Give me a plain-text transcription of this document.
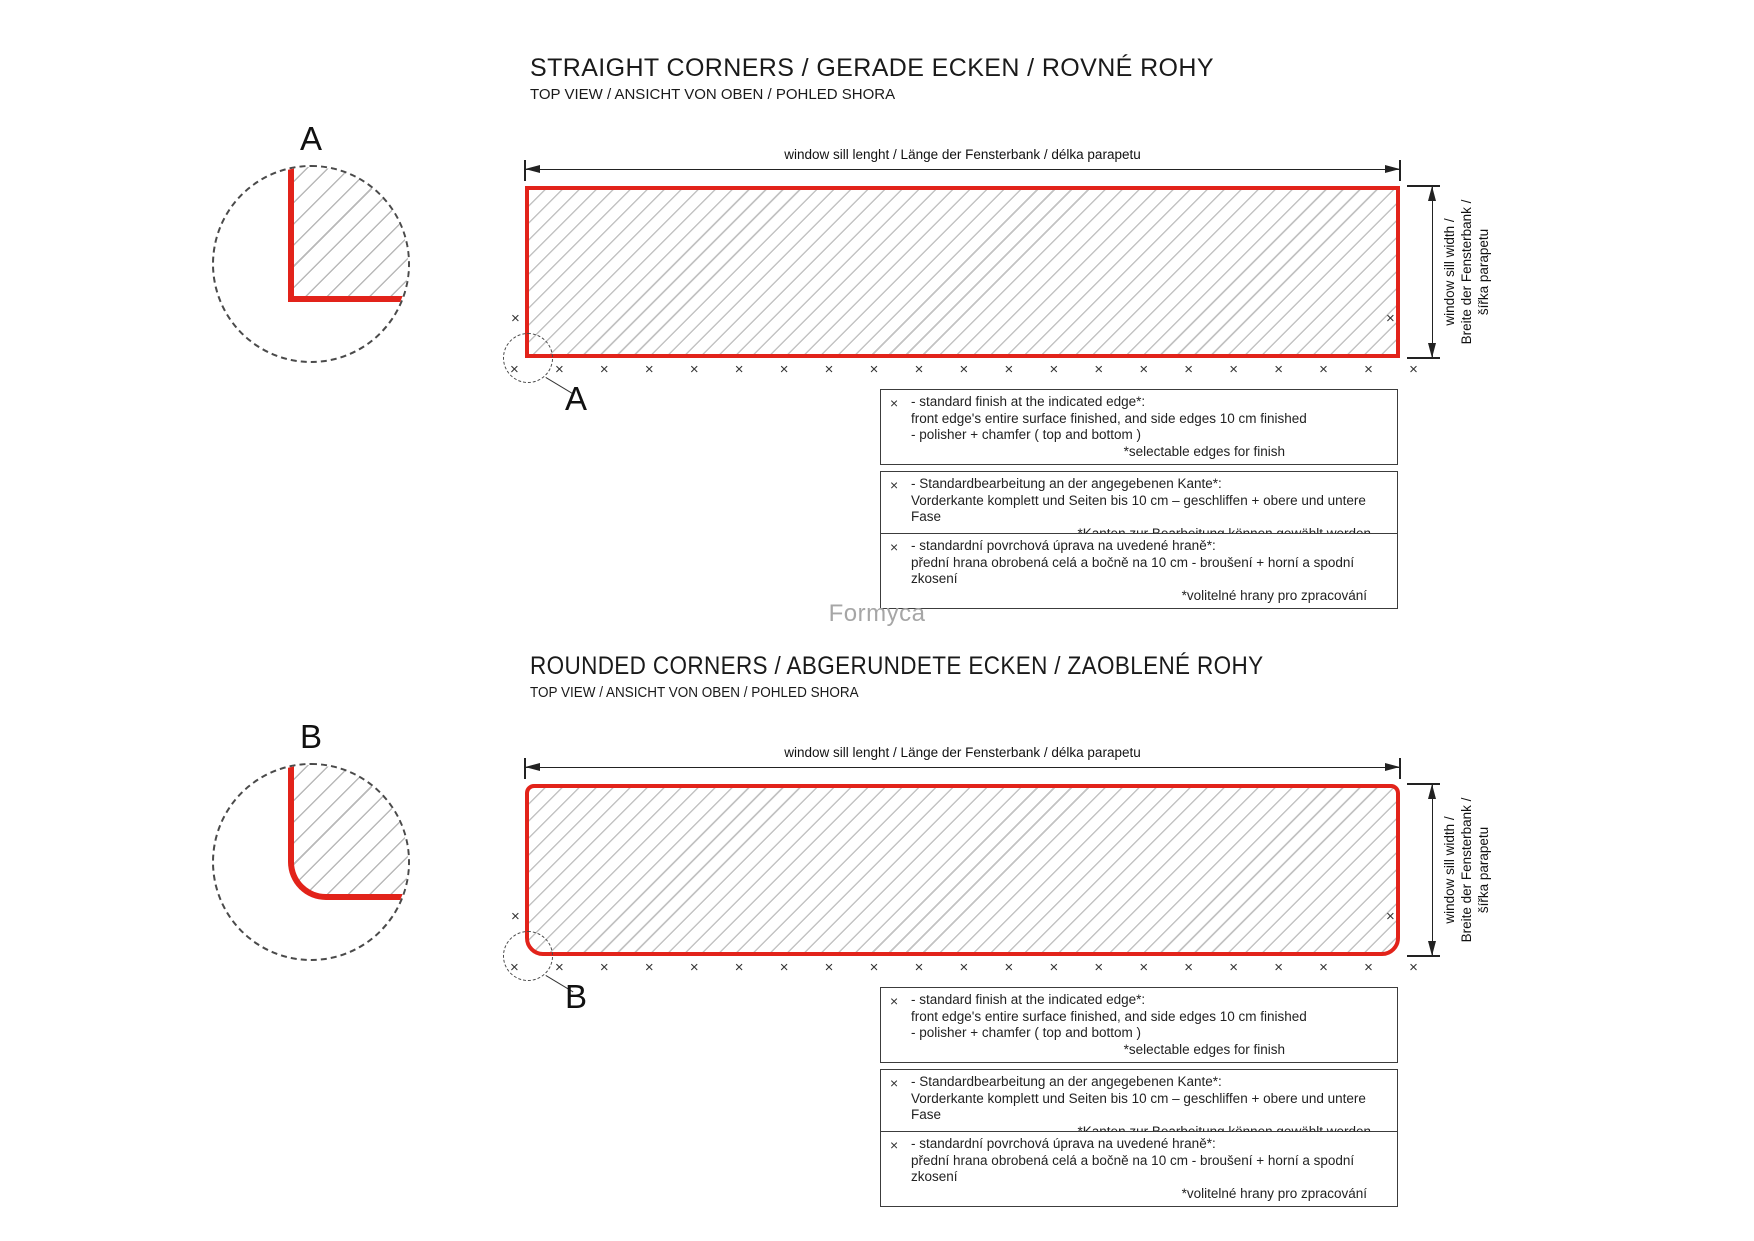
STRAIGHT CORNERS / GERADE ECKEN / ROVNÉ ROHY
TOP VIEW / ANSICHT VON OBEN / POHLED SHORA
A	window sill lenght / Länge der Fensterbank / délka parapetu
window sill width / Breite der Fensterbank / šířka parapetu
×	×
× × × × × × × × × × × × × × × × × × × × ×
A	× - standard finish at the indicated edge*:
front edge's entire surface finished, and side edges 10 cm finished
- polisher + chamfer ( top and bottom )
*selectable edges for finish
× - Standardbearbeitung an der angegebenen Kante*:
Vorderkante komplett und Seiten bis 10 cm – geschliffen + obere und untere Fase
× - standardní povrchová úprava na uvedené hraně*:
přední hrana obrobená celá a bočně na 10 cm - broušení + horní a spodní zkosení
*volitelné hrany pro zpracování
Formyca
ROUNDED CORNERS / ABGERUNDETE ECKEN / ZAOBLENÉ ROHY
TOP VIEW / ANSICHT VON OBEN / POHLED SHORA
B	window sill lenght / Länge der Fensterbank / délka parapetu
window sill width / Breite der Fensterbank / šířka parapetu
×	×
× × × × × × × × × × × × × × × × × × × × ×
B	× - standard finish at the indicated edge*:
front edge's entire surface finished, and side edges 10 cm finished
- polisher + chamfer ( top and bottom )
*selectable edges for finish
× - Standardbearbeitung an der angegebenen Kante*:
Vorderkante komplett und Seiten bis 10 cm – geschliffen + obere und untere Fase
× - standardní povrchová úprava na uvedené hraně*:
přední hrana obrobená celá a bočně na 10 cm - broušení + horní a spodní zkosení
*volitelné hrany pro zpracování
